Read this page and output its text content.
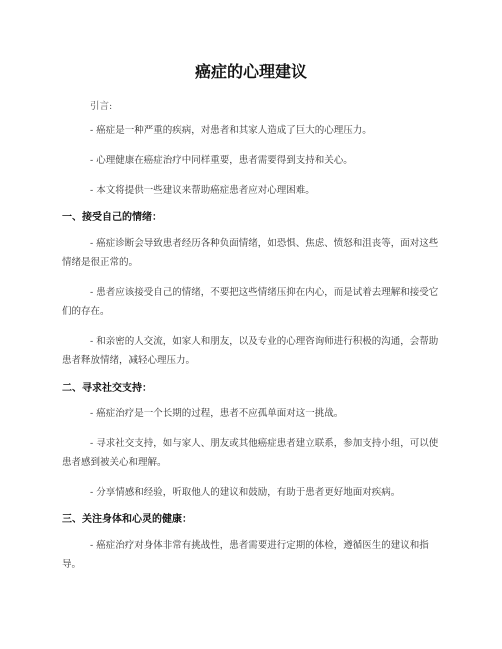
癌症的心理建议
引言:
- 癌症是一种严重的疾病，对患者和其家人造成了巨大的心理压力。
- 心理健康在癌症治疗中同样重要，患者需要得到支持和关心。
- 本文将提供一些建议来帮助癌症患者应对心理困难。
一、接受自己的情绪：
- 癌症诊断会导致患者经历各种负面情绪，如恐惧、焦虑、愤怒和沮丧等，面对这些情绪是很正常的。
- 患者应该接受自己的情绪，不要把这些情绪压抑在内心，而是试着去理解和接受它们的存在。
- 和亲密的人交流，如家人和朋友，以及专业的心理咨询师进行积极的沟通，会帮助患者释放情绪，减轻心理压力。
二、寻求社交支持：
- 癌症治疗是一个长期的过程，患者不应孤单面对这一挑战。
- 寻求社交支持，如与家人、朋友或其他癌症患者建立联系，参加支持小组，可以使患者感到被关心和理解。
- 分享情感和经验，听取他人的建议和鼓励，有助于患者更好地面对疾病。
三、关注身体和心灵的健康：
- 癌症治疗对身体非常有挑战性，患者需要进行定期的体检，遵循医生的建议和指导。
